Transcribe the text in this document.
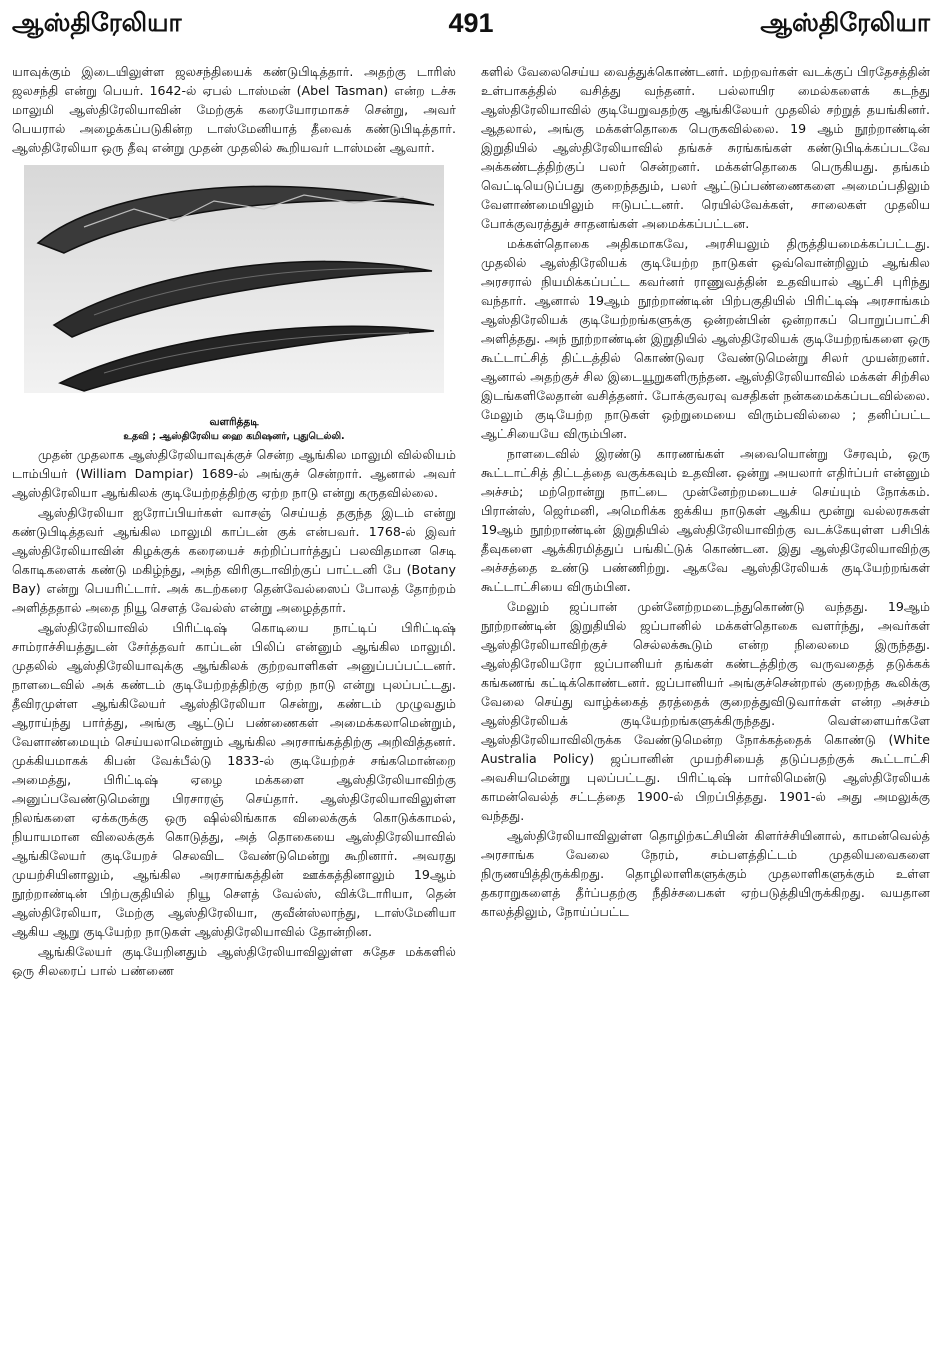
ஆஸ்திரேலியா	491	ஆஸ்திரேலியா

யாவுக்கும் இடையிலுள்ள ஜலசந்தியைக் கண்டுபிடித்தார். அதற்கு டாரிஸ் ஜலசந்தி என்று பெயர். 1642-ல் ஏபல் டாஸ்மன் (Abel Tasman) என்ற டச்சு மாலுமி ஆஸ்திரேலியாவின் மேற்குக் கரையோரமாகச் சென்று, அவர் பெயரால் அழைக்கப்படுகின்ற டாஸ்மேனியாத் தீவைக் கண்டுபிடித்தார். ஆஸ்திரேலியா ஒரு தீவு என்று முதன் முதலில் கூறியவர் டாஸ்மன் ஆவார்.

வளரித்தடி
உதவி ; ஆஸ்திரேலிய ஹை கமிஷனர், புதுடெல்லி.

முதன் முதலாக ஆஸ்திரேலியாவுக்குச் சென்ற ஆங்கில மாலுமி வில்லியம் டாம்பியர் (William Dampiar) 1689-ல் அங்குச் சென்றார். ஆனால் அவர் ஆஸ்திரேலியா ஆங்கிலக் குடியேற்றத்திற்கு ஏற்ற நாடு என்று கருதவில்லை.

ஆஸ்திரேலியா ஐரோப்பியர்கள் வாசஞ் செய்யத் தகுந்த இடம் என்று கண்டுபிடித்தவர் ஆங்கில மாலுமி காப்டன் குக் என்பவர். 1768-ல் இவர் ஆஸ்திரேலியாவின் கிழக்குக் கரையைச் சுற்றிப்பார்த்துப் பலவிதமான செடி கொடிகளைக் கண்டு மகிழ்ந்து, அந்த விரிகுடாவிற்குப் பாட்டனி பே (Botany Bay) என்று பெயரிட்டார். அக் கடற்கரை தென்வேல்ஸைப் போலத் தோற்றம் அளித்ததால் அதை நியூ சௌத் வேல்ஸ் என்று அழைத்தார்.

ஆஸ்திரேலியாவில் பிரிட்டிஷ் கொடியை நாட்டிப் பிரிட்டிஷ் சாம்ராச்சியத்துடன் சேர்த்தவர் காப்டன் பிலிப் என்னும் ஆங்கில மாலுமி. முதலில் ஆஸ்திரேலியாவுக்கு ஆங்கிலக் குற்றவாளிகள் அனுப்பப்பட்டனர். நாளடைவில் அக் கண்டம் குடியேற்றத்திற்கு ஏற்ற நாடு என்று புலப்பட்டது. தீவிரமுள்ள ஆங்கிலேயர் ஆஸ்திரேலியா சென்று, கண்டம் முழுவதும் ஆராய்ந்து பார்த்து, அங்கு ஆட்டுப் பண்ணைகள் அமைக்கலாமென்றும், வேளாண்மையும் செய்யலாமென்றும் ஆங்கில அரசாங்கத்திற்கு அறிவித்தனர். முக்கியமாகக் கிபன் வேக்பீல்டு 1833-ல் குடியேற்றச் சங்கமொன்றை அமைத்து, பிரிட்டிஷ் ஏழை மக்களை ஆஸ்திரேலியாவிற்கு அனுப்பவேண்டுமென்று பிரசாரஞ் செய்தார். ஆஸ்திரேலியாவிலுள்ள நிலங்களை ஏக்கருக்கு ஒரு ஷில்லிங்காக விலைக்குக் கொடுக்காமல், நியாயமான விலைக்குக் கொடுத்து, அத் தொகையை ஆஸ்திரேலியாவில் ஆங்கிலேயர் குடியேறச் செலவிட வேண்டுமென்று கூறினார். அவரது முயற்சியினாலும், ஆங்கில அரசாங்கத்தின் ஊக்கத்தினாலும் 19ஆம் நூற்றாண்டின் பிற்பகுதியில் நியூ சௌத் வேல்ஸ், விக்டோரியா, தென் ஆஸ்திரேலியா, மேற்கு ஆஸ்திரேலியா, குவீன்ஸ்லாந்து, டாஸ்மேனியா ஆகிய ஆறு குடியேற்ற நாடுகள் ஆஸ்திரேலியாவில் தோன்றின.

ஆங்கிலேயர் குடியேறினதும் ஆஸ்திரேலியாவிலுள்ள சுதேச மக்களில் ஒரு சிலரைப் பால் பண்ணை

களில் வேலைசெய்ய வைத்துக்கொண்டனர். மற்றவர்கள் வடக்குப் பிரதேசத்தின் உள்பாகத்தில் வசித்து வந்தனர். பல்லாயிர மைல்களைக் கடந்து ஆஸ்திரேலியாவில் குடியேறுவதற்கு ஆங்கிலேயர் முதலில் சற்றுத் தயங்கினர். ஆதலால், அங்கு மக்கள்தொகை பெருகவில்லை. 19 ஆம் நூற்றாண்டின் இறுதியில் ஆஸ்திரேலியாவில் தங்கச் சுரங்கங்கள் கண்டுபிடிக்கப்படவே அக்கண்டத்திற்குப் பலர் சென்றனர். மக்கள்தொகை பெருகியது. தங்கம் வெட்டியெடுப்பது குறைந்ததும், பலர் ஆட்டுப்பண்ணைகளை அமைப்பதிலும் வேளாண்மையிலும் ஈடுபட்டனர். ரெயில்வேக்கள், சாலைகள் முதலிய போக்குவரத்துச் சாதனங்கள் அமைக்கப்பட்டன.

மக்கள்தொகை அதிகமாகவே, அரசியலும் திருத்தியமைக்கப்பட்டது. முதலில் ஆஸ்திரேலியக் குடியேற்ற நாடுகள் ஒவ்வொன்றிலும் ஆங்கில அரசரால் நியமிக்கப்பட்ட கவர்னர் ராணுவத்தின் உதவியால் ஆட்சி புரிந்து வந்தார். ஆனால் 19ஆம் நூற்றாண்டின் பிற்பகுதியில் பிரிட்டிஷ் அரசாங்கம் ஆஸ்திரேலியக் குடியேற்றங்களுக்கு ஒன்றன்பின் ஒன்றாகப் பொறுப்பாட்சி அளித்தது. அந் நூற்றாண்டின் இறுதியில் ஆஸ்திரேலியக் குடியேற்றங்களை ஒரு கூட்டாட்சித் திட்டத்தில் கொண்டுவர வேண்டுமென்று சிலர் முயன்றனர். ஆனால் அதற்குச் சில இடையூறுகளிருந்தன. ஆஸ்திரேலியாவில் மக்கள் சிற்சில இடங்களிலேதான் வசித்தனர். போக்குவரவு வசதிகள் நன்கமைக்கப்படவில்லை. மேலும் குடியேற்ற நாடுகள் ஒற்றுமையை விரும்பவில்லை ; தனிப்பட்ட ஆட்சியையே விரும்பின.

நாளடைவில் இரண்டு காரணங்கள் அவையொன்று சேரவும், ஒரு கூட்டாட்சித் திட்டத்தை வகுக்கவும் உதவின. ஒன்று அயலார் எதிர்ப்பர் என்னும் அச்சம்; மற்றொன்று நாட்டை முன்னேற்றமடையச் செய்யும் நோக்கம். பிரான்ஸ், ஜெர்மனி, அமெரிக்க ஐக்கிய நாடுகள் ஆகிய மூன்று வல்லரசுகள் 19ஆம் நூற்றாண்டின் இறுதியில் ஆஸ்திரேலியாவிற்கு வடக்கேயுள்ள பசிபிக் தீவுகளை ஆக்கிரமித்துப் பங்கிட்டுக் கொண்டன. இது ஆஸ்திரேலியாவிற்கு அச்சத்தை உண்டு பண்ணிற்று. ஆகவே ஆஸ்திரேலியக் குடியேற்றங்கள் கூட்டாட்சியை விரும்பின.

மேலும் ஜப்பான் முன்னேற்றமடைந்துகொண்டு வந்தது. 19ஆம் நூற்றாண்டின் இறுதியில் ஜப்பானில் மக்கள்தொகை வளர்ந்து, அவர்கள் ஆஸ்திரேலியாவிற்குச் செல்லக்கூடும் என்ற நிலைமை இருந்தது. ஆஸ்திரேலியரோ ஜப்பானியர் தங்கள் கண்டத்திற்கு வருவதைத் தடுக்கக் கங்கணங் கட்டிக்கொண்டனர். ஜப்பானியர் அங்குச்சென்றால் குறைந்த கூலிக்கு வேலை செய்து வாழ்க்கைத் தரத்தைக் குறைத்துவிடுவார்கள் என்ற அச்சம் ஆஸ்திரேலியக் குடியேற்றங்களுக்கிருந்தது. வெள்ளையர்களே ஆஸ்திரேலியாவிலிருக்க வேண்டுமென்ற நோக்கத்தைக் கொண்டு (White Australia Policy) ஜப்பானின் முயற்சியைத் தடுப்பதற்குக் கூட்டாட்சி அவசியமென்று புலப்பட்டது. பிரிட்டிஷ் பார்லிமென்டு ஆஸ்திரேலியக் காமன்வெல்த் சட்டத்தை 1900-ல் பிறப்பித்தது. 1901-ல் அது அமலுக்கு வந்தது.

ஆஸ்திரேலியாவிலுள்ள தொழிற்கட்சியின் கிளர்ச்சியினால், காமன்வெல்த் அரசாங்க வேலை நேரம், சம்பளத்திட்டம் முதலியவைகளை நிருணயித்திருக்கிறது. தொழிலாளிகளுக்கும் முதலாளிகளுக்கும் உள்ள தகராறுகளைத் தீர்ப்பதற்கு நீதிச்சபைகள் ஏற்படுத்தியிருக்கிறது. வயதான காலத்திலும், நோய்ப்பட்ட
